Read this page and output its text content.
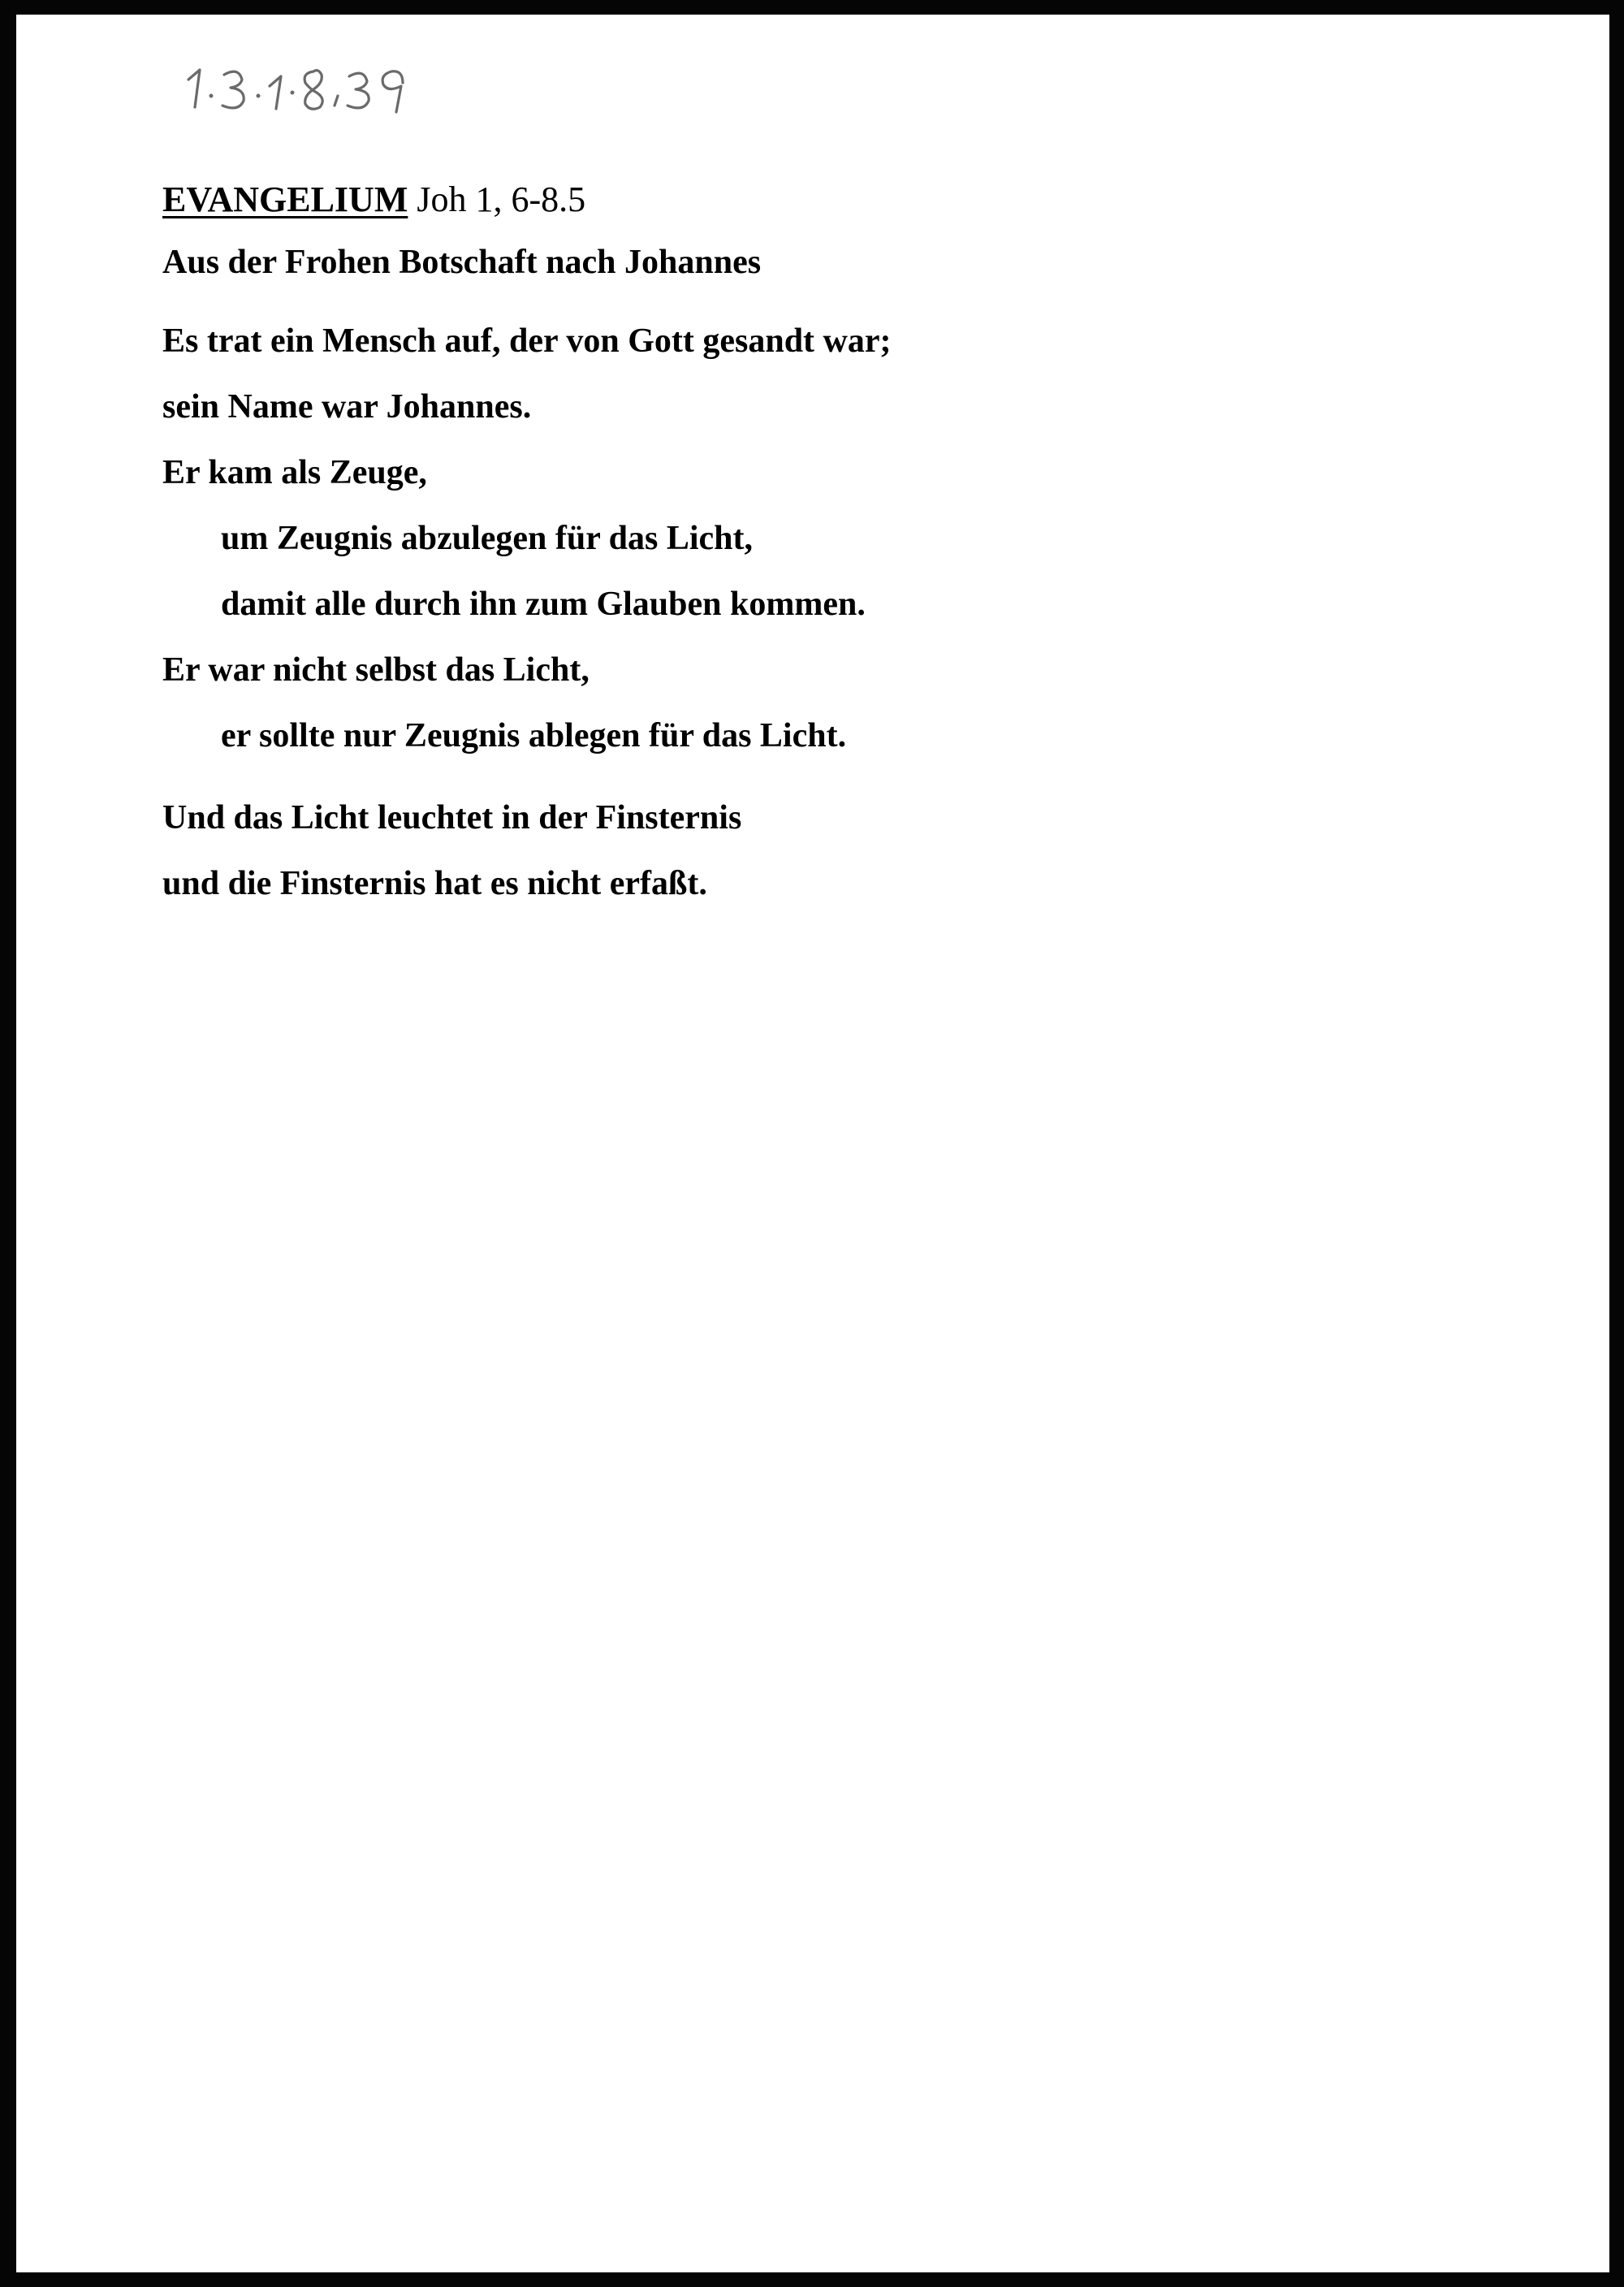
EVANGELIUM Joh 1, 6-8.5
Aus der Frohen Botschaft nach Johannes
Es trat ein Mensch auf, der von Gott gesandt war;
sein Name war Johannes.
Er kam als Zeuge,
um Zeugnis abzulegen für das Licht,
damit alle durch ihn zum Glauben kommen.
Er war nicht selbst das Licht,
er sollte nur Zeugnis ablegen für das Licht.
Und das Licht leuchtet in der Finsternis
und die Finsternis hat es nicht erfaßt.
